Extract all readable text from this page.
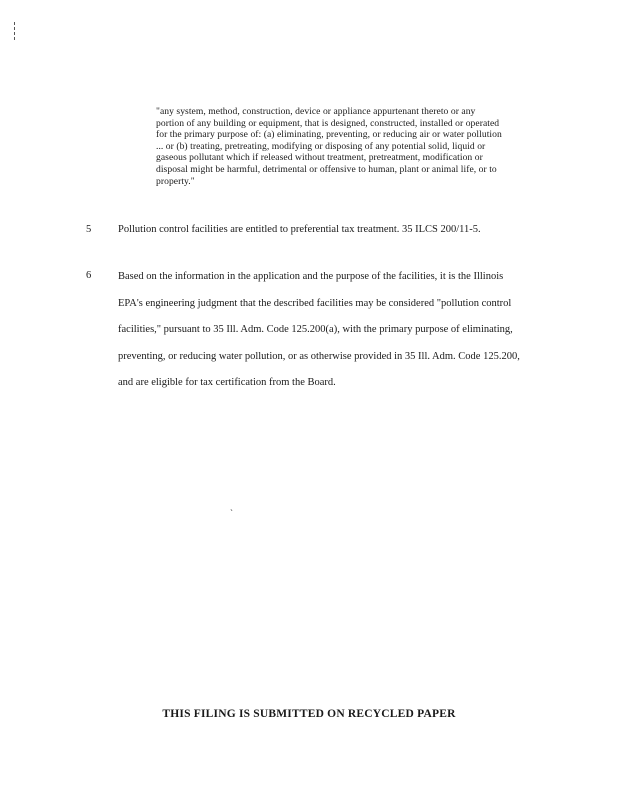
"any system, method, construction, device or appliance appurtenant thereto or any
portion of any building or equipment, that is designed, constructed, installed or operated
for the primary purpose of: (a) eliminating, preventing, or reducing air or water pollution
... or (b) treating, pretreating, modifying or disposing of any potential solid, liquid or
gaseous pollutant which if released without treatment, pretreatment, modification or
disposal might be harmful, detrimental or offensive to human, plant or animal life, or to
property."
5	Pollution control facilities are entitled to preferential tax treatment. 35 ILCS 200/11-5.
6	Based on the information in the application and the purpose of the facilities, it is the Illinois
EPA's engineering judgment that the described facilities may be considered "pollution control
facilities," pursuant to 35 Ill. Adm. Code 125.200(a), with the primary purpose of eliminating,
preventing, or reducing water pollution, or as otherwise provided in 35 Ill. Adm. Code 125.200,
and are eligible for tax certification from the Board.
`
THIS FILING IS SUBMITTED ON RECYCLED PAPER
